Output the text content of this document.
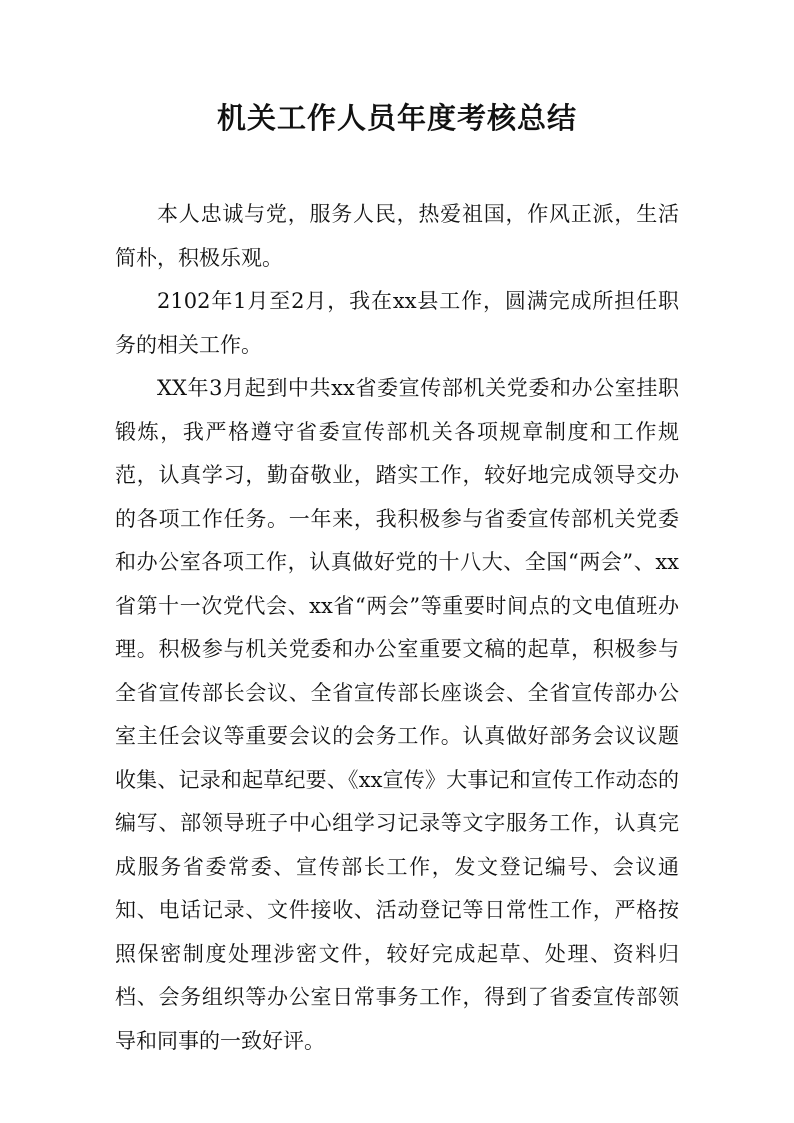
机关工作人员年度考核总结

本人忠诚与党，服务人民，热爱祖国，作风正派，生活简朴，积极乐观。

2102年1月至2月，我在xx县工作，圆满完成所担任职务的相关工作。

XX年3月起到中共xx省委宣传部机关党委和办公室挂职锻炼，我严格遵守省委宣传部机关各项规章制度和工作规范，认真学习，勤奋敬业，踏实工作，较好地完成领导交办的各项工作任务。一年来，我积极参与省委宣传部机关党委和办公室各项工作，认真做好党的十八大、全国“两会”、xx省第十一次党代会、xx省“两会”等重要时间点的文电值班办理。积极参与机关党委和办公室重要文稿的起草，积极参与全省宣传部长会议、全省宣传部长座谈会、全省宣传部办公室主任会议等重要会议的会务工作。认真做好部务会议议题收集、记录和起草纪要、《xx宣传》大事记和宣传工作动态的编写、部领导班子中心组学习记录等文字服务工作，认真完成服务省委常委、宣传部长工作，发文登记编号、会议通知、电话记录、文件接收、活动登记等日常性工作，严格按照保密制度处理涉密文件，较好完成起草、处理、资料归档、会务组织等办公室日常事务工作，得到了省委宣传部领导和同事的一致好评。
